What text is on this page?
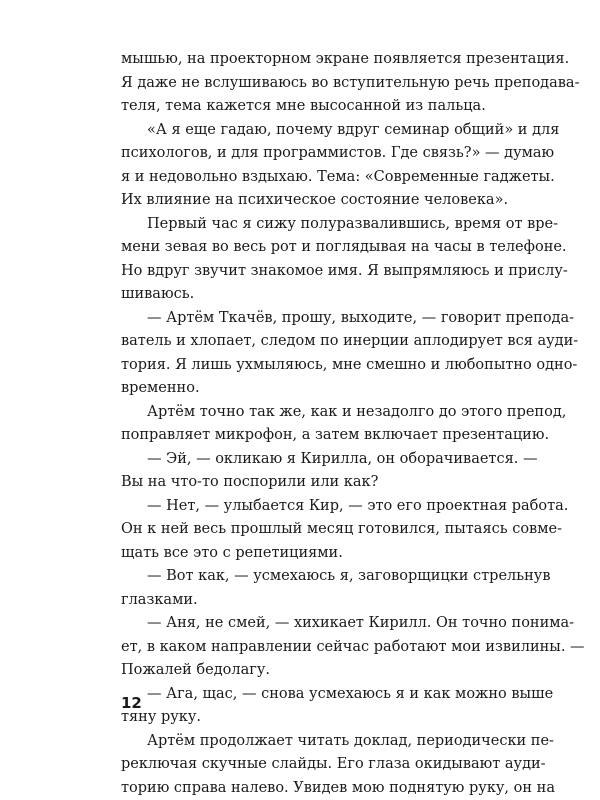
мышью, на проекторном экране появляется презентация.
Я даже не вслушиваюсь во вступительную речь преподава-
теля, тема кажется мне высосанной из пальца.
«А я еще гадаю, почему вдруг семинар общий» и для
психологов, и для программистов. Где связь?» — думаю
я и недовольно вздыхаю. Тема: «Современные гаджеты.
Их влияние на психическое состояние человека».
Первый час я сижу полуразвалившись, время от вре-
мени зевая во весь рот и поглядывая на часы в телефоне.
Но вдруг звучит знакомое имя. Я выпрямляюсь и прислу-
шиваюсь.
— Артём Ткачёв, прошу, выходите, — говорит препода-
ватель и хлопает, следом по инерции аплодирует вся ауди-
тория. Я лишь ухмыляюсь, мне смешно и любопытно одно-
временно.
Артём точно так же, как и незадолго до этого препод,
поправляет микрофон, а затем включает презентацию.
— Эй, — окликаю я Кирилла, он оборачивается. —
Вы на что-то поспорили или как?
— Нет, — улыбается Кир, — это его проектная работа.
Он к ней весь прошлый месяц готовился, пытаясь совме-
щать все это с репетициями.
— Вот как, — усмехаюсь я, заговорщицки стрельнув
глазками.
— Аня, не смей, — хихикает Кирилл. Он точно понима-
ет, в каком направлении сейчас работают мои извилины. —
Пожалей бедолагу.
— Ага, щас, — снова усмехаюсь я и как можно выше
тяну руку.
Артём продолжает читать доклад, периодически пе-
реключая скучные слайды. Его глаза окидывают ауди-
торию справа налево. Увидев мою поднятую руку, он на
12
